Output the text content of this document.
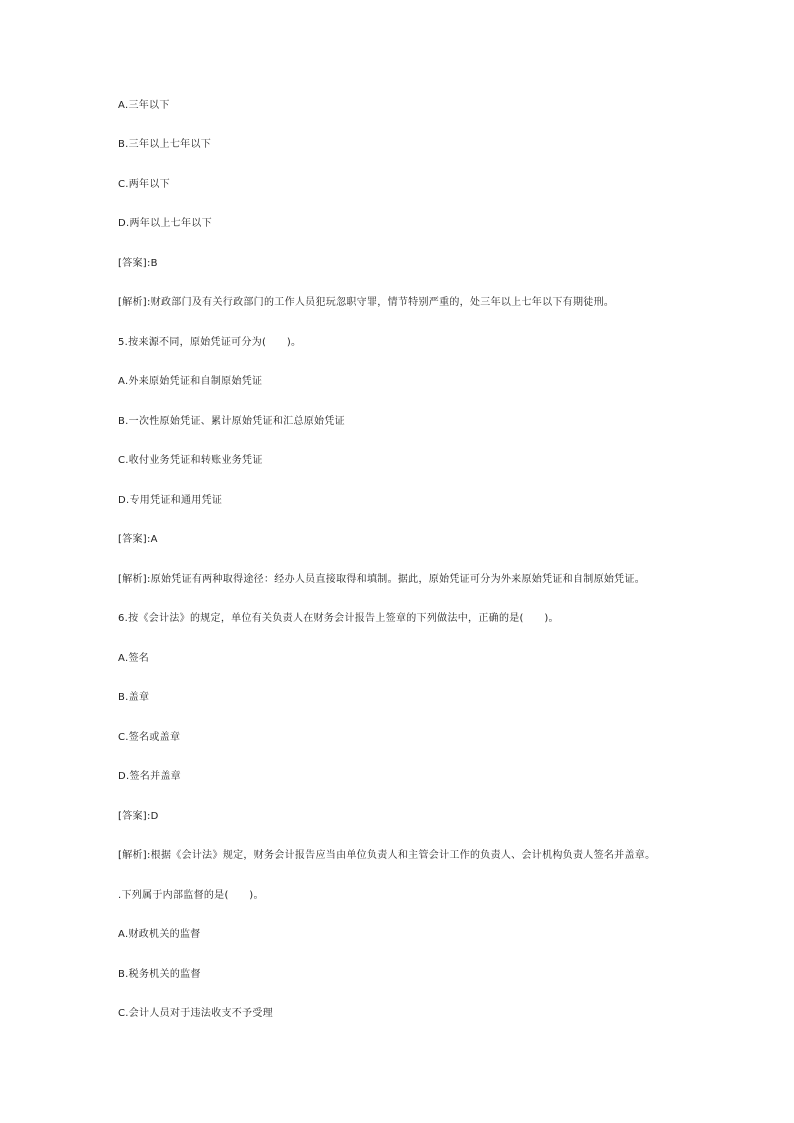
A.三年以下
B.三年以上七年以下
C.两年以下
D.两年以上七年以下
[答案]:B
[解析]:财政部门及有关行政部门的工作人员犯玩忽职守罪，情节特别严重的，处三年以上七年以下有期徒刑。
5.按来源不同，原始凭证可分为(　　)。
A.外来原始凭证和自制原始凭证
B.一次性原始凭证、累计原始凭证和汇总原始凭证
C.收付业务凭证和转账业务凭证
D.专用凭证和通用凭证
[答案]:A
[解析]:原始凭证有两种取得途径：经办人员直接取得和填制。据此，原始凭证可分为外来原始凭证和自制原始凭证。
6.按《会计法》的规定，单位有关负责人在财务会计报告上签章的下列做法中，正确的是(　　)。
A.签名
B.盖章
C.签名或盖章
D.签名并盖章
[答案]:D
[解析]:根据《会计法》规定，财务会计报告应当由单位负责人和主管会计工作的负责人、会计机构负责人签名并盖章。
.下列属于内部监督的是(　　)。
A.财政机关的监督
B.税务机关的监督
C.会计人员对于违法收支不予受理
